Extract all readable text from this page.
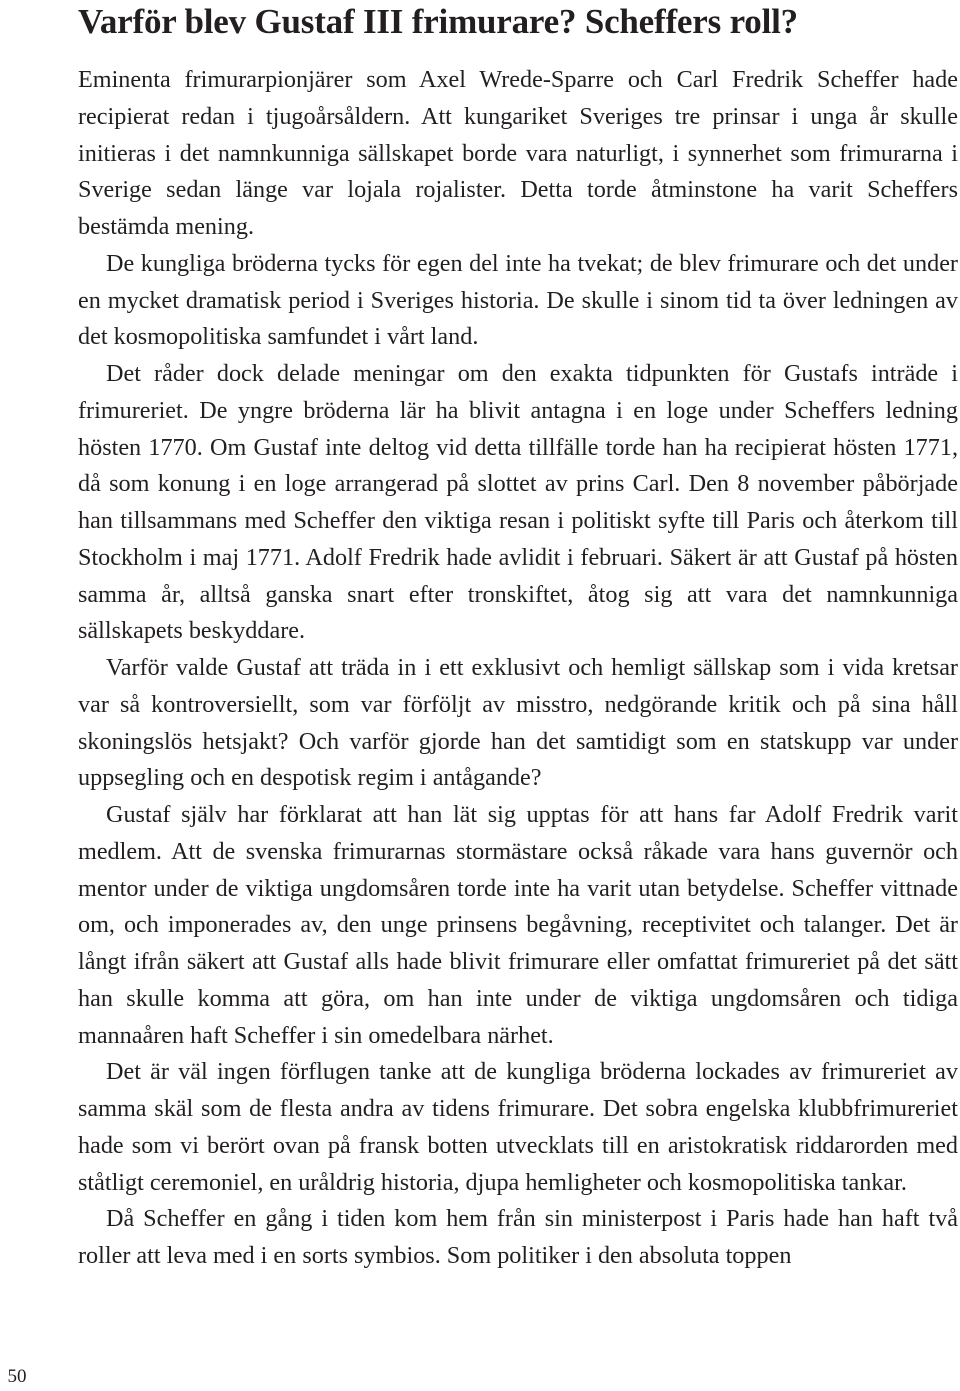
Varför blev Gustaf III frimurare? Scheffers roll?

Eminenta frimurarpionjärer som Axel Wrede-Sparre och Carl Fredrik Scheffer hade recipierat redan i tjugoårsåldern. Att kungariket Sveriges tre prinsar i unga år skulle initieras i det namnkunniga sällskapet borde vara naturligt, i synnerhet som frimurarna i Sverige sedan länge var lojala rojalister. Detta torde åtminstone ha varit Scheffers bestämda mening.

De kungliga bröderna tycks för egen del inte ha tvekat; de blev frimurare och det under en mycket dramatisk period i Sveriges historia. De skulle i sinom tid ta över ledningen av det kosmopolitiska samfundet i vårt land.

Det råder dock delade meningar om den exakta tidpunkten för Gustafs inträde i frimureriet. De yngre bröderna lär ha blivit antagna i en loge under Scheffers ledning hösten 1770. Om Gustaf inte deltog vid detta tillfälle torde han ha recipierat hösten 1771, då som konung i en loge arrangerad på slottet av prins Carl. Den 8 november påbörjade han tillsammans med Scheffer den viktiga resan i politiskt syfte till Paris och återkom till Stockholm i maj 1771. Adolf Fredrik hade avlidit i februari. Säkert är att Gustaf på hösten samma år, alltså ganska snart efter tronskiftet, åtog sig att vara det namnkunniga sällskapets beskyddare.

Varför valde Gustaf att träda in i ett exklusivt och hemligt sällskap som i vida kretsar var så kontroversiellt, som var förföljt av misstro, nedgörande kritik och på sina håll skoningslös hetsjakt? Och varför gjorde han det samtidigt som en statskupp var under uppsegling och en despotisk regim i antågande?

Gustaf själv har förklarat att han lät sig upptas för att hans far Adolf Fredrik varit medlem. Att de svenska frimurarnas stormästare också råkade vara hans guvernör och mentor under de viktiga ungdomsåren torde inte ha varit utan betydelse. Scheffer vittnade om, och imponerades av, den unge prinsens begåvning, receptivitet och talanger. Det är långt ifrån säkert att Gustaf alls hade blivit frimurare eller omfattat frimureriet på det sätt han skulle komma att göra, om han inte under de viktiga ungdomsåren och tidiga mannaåren haft Scheffer i sin omedelbara närhet.

Det är väl ingen förflugen tanke att de kungliga bröderna lockades av frimureriet av samma skäl som de flesta andra av tidens frimurare. Det sobra engelska klubbfrimureriet hade som vi berört ovan på fransk botten utvecklats till en aristokratisk riddarorden med ståtligt ceremoniel, en uråldrig historia, djupa hemligheter och kosmopolitiska tankar.

Då Scheffer en gång i tiden kom hem från sin ministerpost i Paris hade han haft två roller att leva med i en sorts symbios. Som politiker i den absoluta toppen

50
